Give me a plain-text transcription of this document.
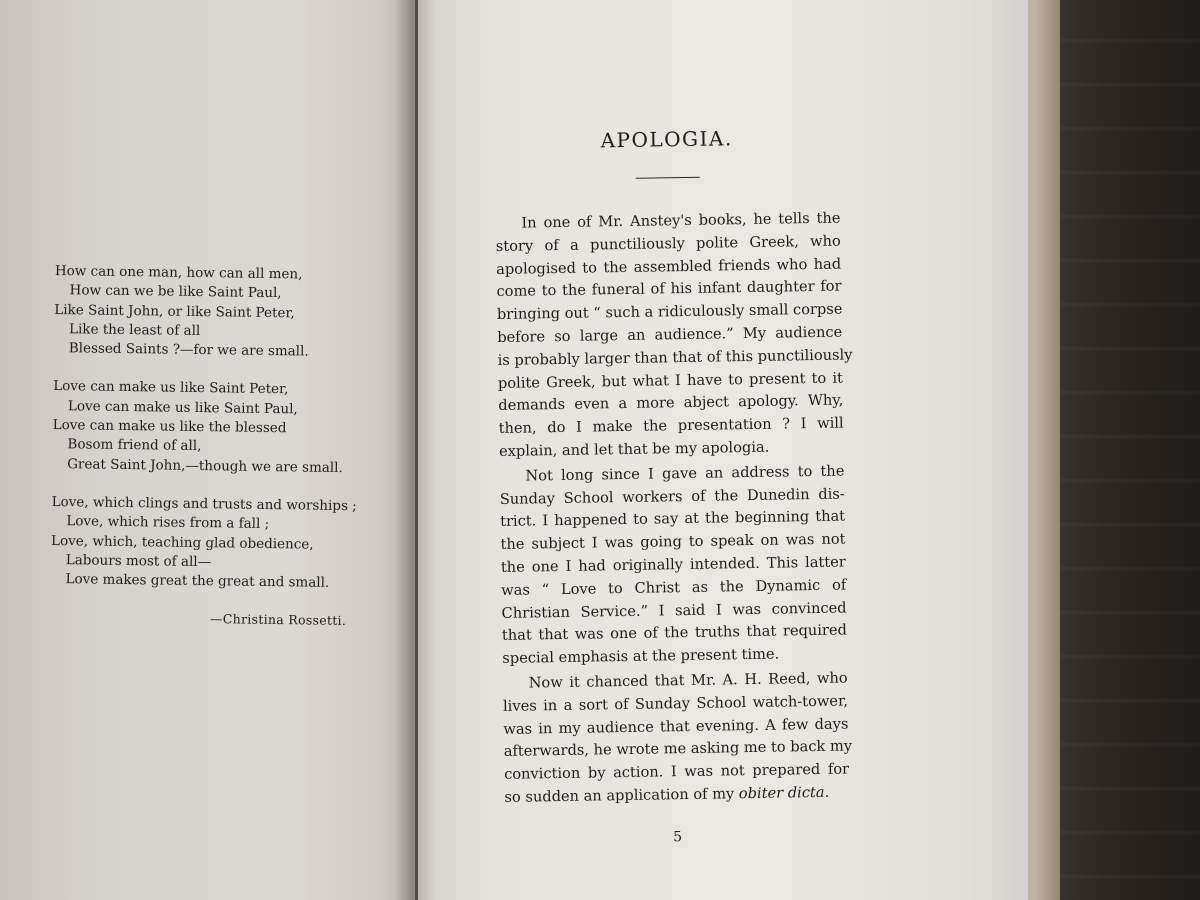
How can one man, how can all men,
How can we be like Saint Paul,
Like Saint John, or like Saint Peter,
Like the least of all
Blessed Saints ?—for we are small.
Love can make us like Saint Peter,
Love can make us like Saint Paul,
Love can make us like the blessed
Bosom friend of all,
Great Saint John,—though we are small.
Love, which clings and trusts and worships ;
Love, which rises from a fall ;
Love, which, teaching glad obedience,
Labours most of all—
Love makes great the great and small.
—Christina Rossetti.
APOLOGIA.

In one of Mr. Anstey's books, he tells the
story of a punctiliously polite Greek, who
apologised to the assembled friends who had
come to the funeral of his infant daughter for
bringing out “ such a ridiculously small corpse
before so large an audience.” My audience
is probably larger than that of this punctiliously
polite Greek, but what I have to present to it
demands even a more abject apology. Why,
then, do I make the presentation ? I will
explain, and let that be my apologia.

Not long since I gave an address to the
Sunday School workers of the Dunedin dis-
trict. I happened to say at the beginning that
the subject I was going to speak on was not
the one I had originally intended. This latter
was “ Love to Christ as the Dynamic of
Christian Service.” I said I was convinced
that that was one of the truths that required
special emphasis at the present time.

Now it chanced that Mr. A. H. Reed, who
lives in a sort of Sunday School watch-tower,
was in my audience that evening. A few days
afterwards, he wrote me asking me to back my
conviction by action. I was not prepared for
so sudden an application of my obiter dicta.

5
